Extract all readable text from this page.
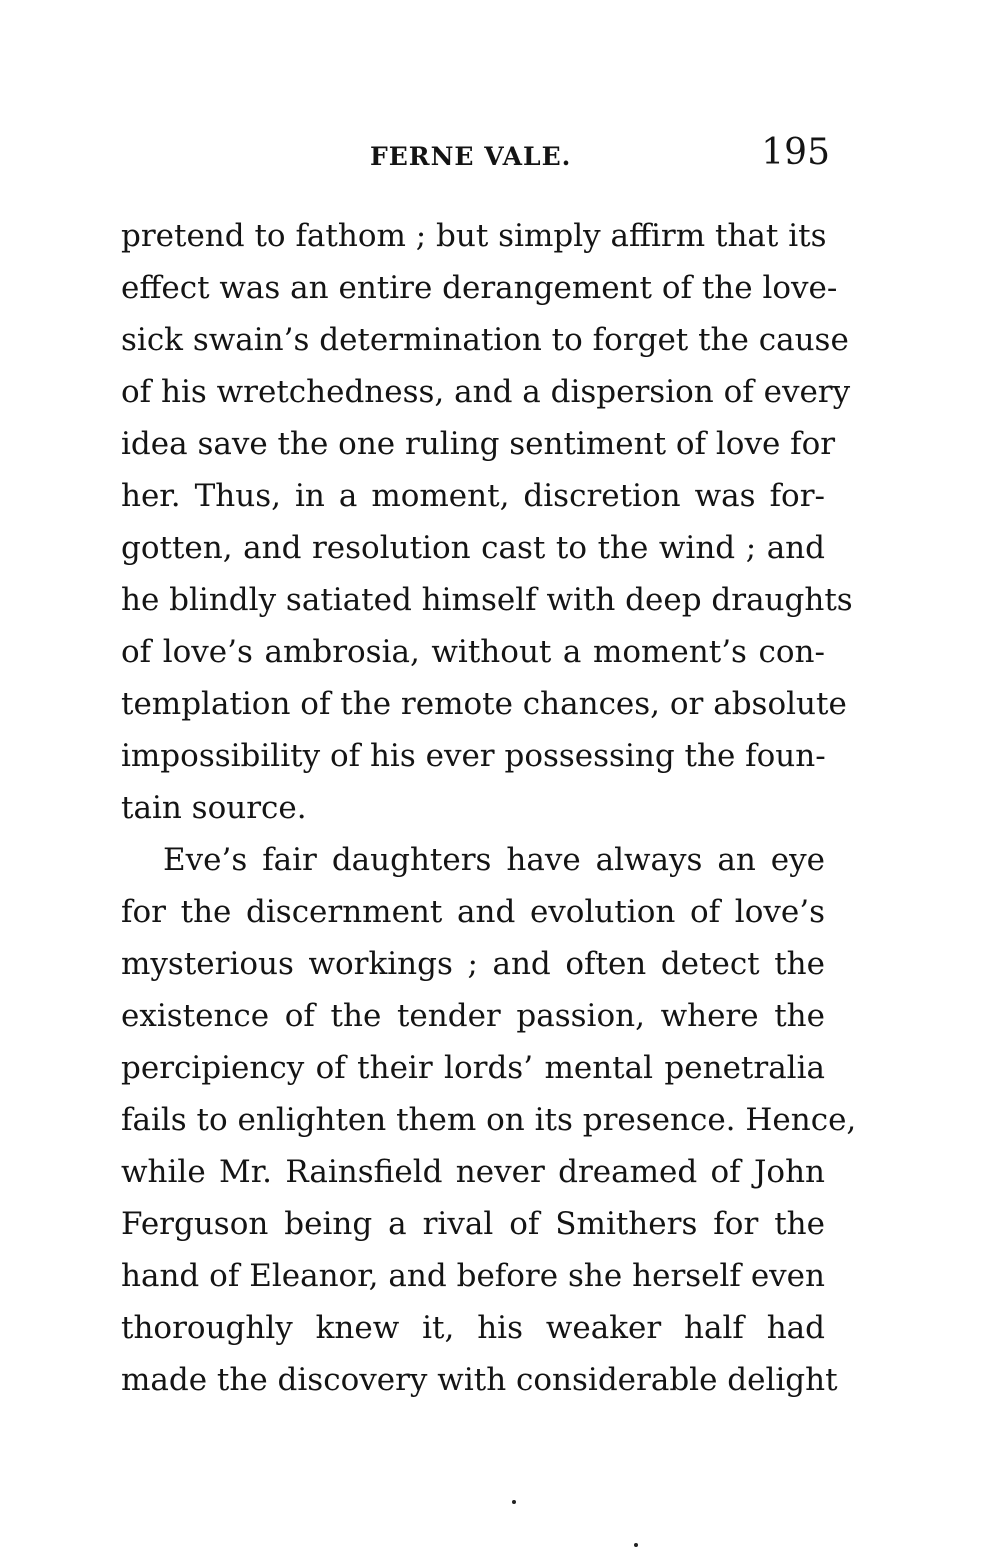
FERNE VALE.	195
pretend to fathom ; but simply affirm that its
effect was an entire derangement of the love-
sick swain’s determination to forget the cause
of his wretchedness, and a dispersion of every
idea save the one ruling sentiment of love for
her. Thus, in a moment, discretion was for-
gotten, and resolution cast to the wind ; and
he blindly satiated himself with deep draughts
of love’s ambrosia, without a moment’s con-
templation of the remote chances, or absolute
impossibility of his ever possessing the foun-
tain source.
Eve’s fair daughters have always an eye
for the discernment and evolution of love’s
mysterious workings ; and often detect the
existence of the tender passion, where the
percipiency of their lords’ mental penetralia
fails to enlighten them on its presence. Hence,
while Mr. Rainsfield never dreamed of John
Ferguson being a rival of Smithers for the
hand of Eleanor, and before she herself even
thoroughly knew it, his weaker half had
made the discovery with considerable delight
